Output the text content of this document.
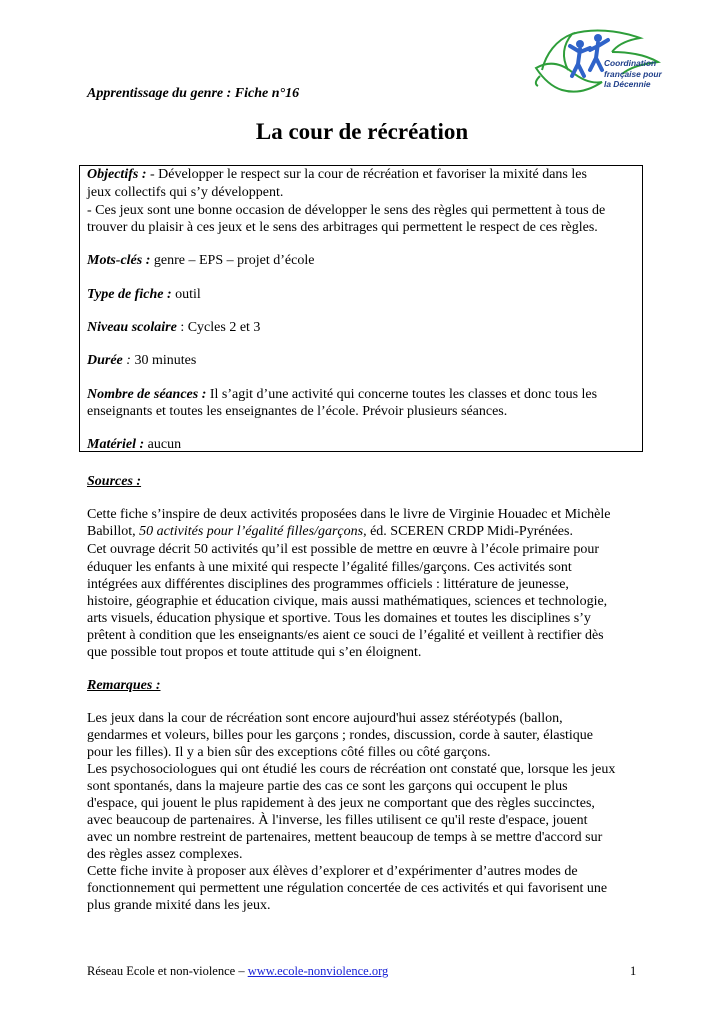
Coordination
française pour
la Décennie
Apprentissage du genre : Fiche n°16
La cour de récréation
Objectifs : - Développer le respect sur la cour de récréation et favoriser la mixité dans les
jeux collectifs qui s’y développent.
- Ces jeux sont une bonne occasion de développer le sens des règles qui permettent à tous de
trouver du plaisir à ces jeux et le sens des arbitrages qui permettent le respect de ces règles.
Mots-clés : genre – EPS – projet d’école
Type de fiche : outil
Niveau scolaire : Cycles 2 et 3
Durée : 30 minutes
Nombre de séances : Il s’agit d’une activité qui concerne toutes les classes et donc tous les
enseignants et toutes les enseignantes de l’école. Prévoir plusieurs séances.
Matériel : aucun
Sources :
Cette fiche s’inspire de deux activités proposées dans le livre de Virginie Houadec et Michèle
Babillot, 50 activités pour l’égalité filles/garçons, éd. SCEREN CRDP Midi-Pyrénées.
Cet ouvrage décrit 50 activités qu’il est possible de mettre en œuvre à l’école primaire pour
éduquer les enfants à une mixité qui respecte l’égalité filles/garçons. Ces activités sont
intégrées aux différentes disciplines des programmes officiels : littérature de jeunesse,
histoire, géographie et éducation civique, mais aussi mathématiques, sciences et technologie,
arts visuels, éducation physique et sportive. Tous les domaines et toutes les disciplines s’y
prêtent à condition que les enseignants/es aient ce souci de l’égalité et veillent à rectifier dès
que possible tout propos et toute attitude qui s’en éloignent.
Remarques :
Les jeux dans la cour de récréation sont encore aujourd'hui assez stéréotypés (ballon,
gendarmes et voleurs, billes pour les garçons ; rondes, discussion, corde à sauter, élastique
pour les filles). Il y a bien sûr des exceptions côté filles ou côté garçons.
Les psychosociologues qui ont étudié les cours de récréation ont constaté que, lorsque les jeux
sont spontanés, dans la majeure partie des cas ce sont les garçons qui occupent le plus
d'espace, qui jouent le plus rapidement à des jeux ne comportant que des règles succinctes,
avec beaucoup de partenaires. À l'inverse, les filles utilisent ce qu'il reste d'espace, jouent
avec un nombre restreint de partenaires, mettent beaucoup de temps à se mettre d'accord sur
des règles assez complexes.
Cette fiche invite à proposer aux élèves d’explorer et d’expérimenter d’autres modes de
fonctionnement qui permettent une régulation concertée de ces activités et qui favorisent une
plus grande mixité dans les jeux.
Réseau Ecole et non-violence – www.ecole-nonviolence.org	1
